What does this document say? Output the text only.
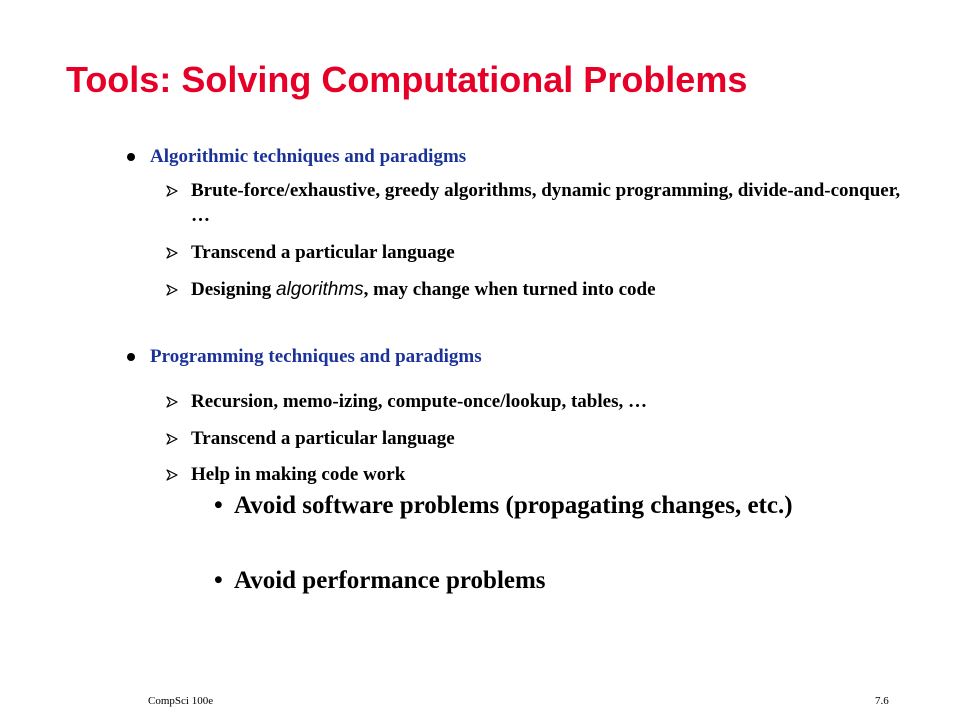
Tools: Solving Computational Problems
Algorithmic techniques and paradigms
Brute-force/exhaustive, greedy algorithms, dynamic programming, divide-and-conquer, …
Transcend a particular language
Designing algorithms, may change when turned into code
Programming techniques and paradigms
Recursion, memo-izing, compute-once/lookup, tables, …
Transcend a particular language
Help in making code work
• Avoid software problems (propagating changes, etc.)
• Avoid performance problems
CompSci 100e	7.6
